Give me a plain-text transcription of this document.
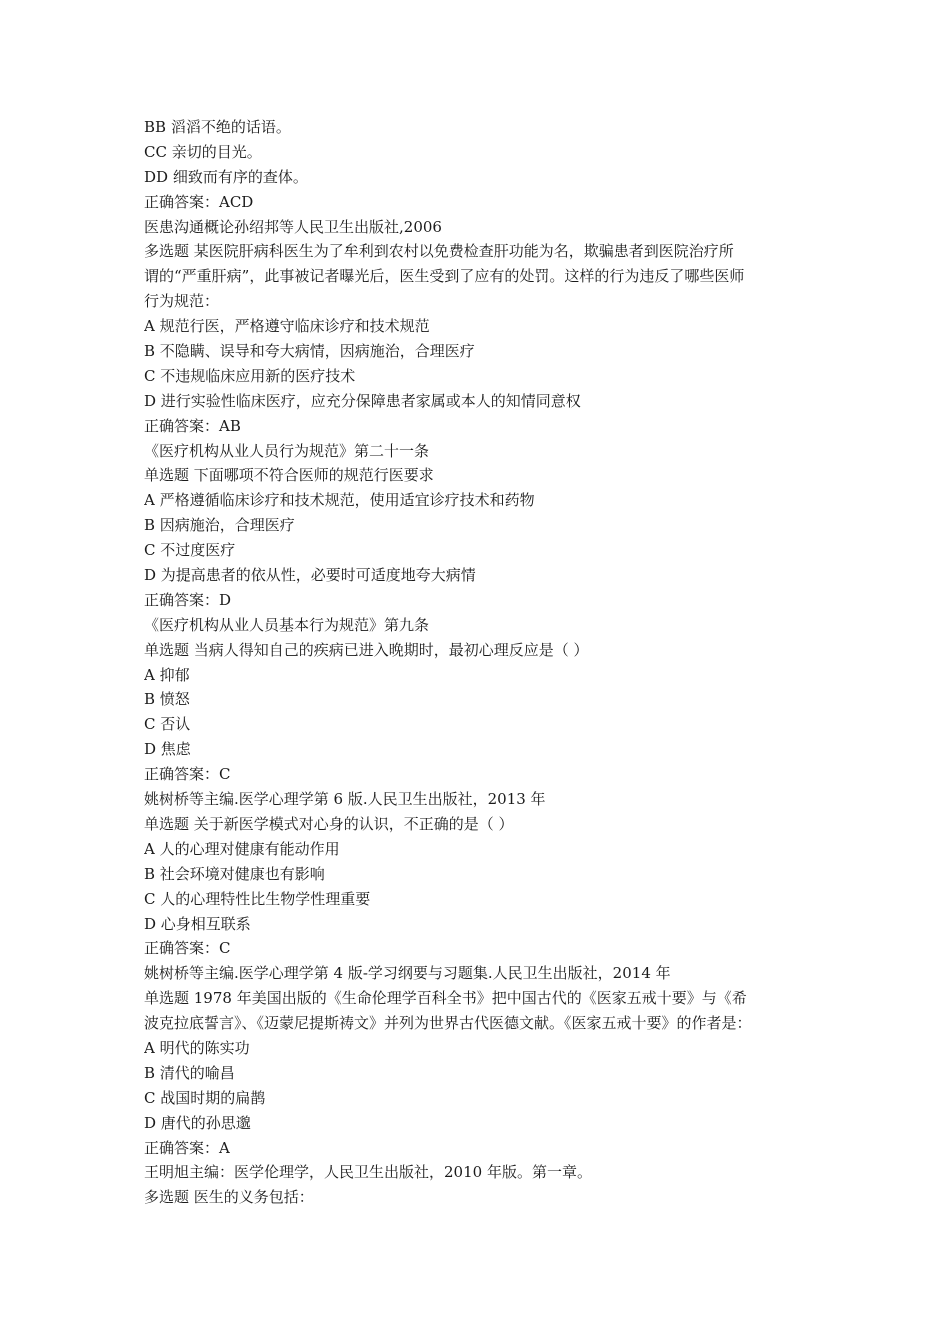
BB 滔滔不绝的话语。
CC 亲切的目光。
DD 细致而有序的查体。
正确答案：ACD
医患沟通概论孙绍邦等人民卫生出版社,2006
多选题 某医院肝病科医生为了牟利到农村以免费检查肝功能为名，欺骗患者到医院治疗所
谓的“严重肝病”，此事被记者曝光后，医生受到了应有的处罚。这样的行为违反了哪些医师
行为规范：
A 规范行医，严格遵守临床诊疗和技术规范
B 不隐瞒、误导和夸大病情，因病施治，合理医疗
C 不违规临床应用新的医疗技术
D 进行实验性临床医疗，应充分保障患者家属或本人的知情同意权
正确答案：AB
《医疗机构从业人员行为规范》第二十一条
单选题 下面哪项不符合医师的规范行医要求
A 严格遵循临床诊疗和技术规范，使用适宜诊疗技术和药物
B 因病施治，合理医疗
C 不过度医疗
D 为提高患者的依从性，必要时可适度地夸大病情
正确答案：D
《医疗机构从业人员基本行为规范》第九条
单选题 当病人得知自己的疾病已进入晚期时，最初心理反应是（ ）
A 抑郁
B 愤怒
C 否认
D 焦虑
正确答案：C
姚树桥等主编.医学心理学第 6 版.人民卫生出版社，2013 年
单选题 关于新医学模式对心身的认识，不正确的是（ ）
A 人的心理对健康有能动作用
B 社会环境对健康也有影响
C 人的心理特性比生物学性理重要
D 心身相互联系
正确答案：C
姚树桥等主编.医学心理学第 4 版-学习纲要与习题集.人民卫生出版社，2014 年
单选题 1978 年美国出版的《生命伦理学百科全书》把中国古代的《医家五戒十要》与《希
波克拉底誓言》、《迈蒙尼提斯祷文》并列为世界古代医德文献。《医家五戒十要》的作者是：
A 明代的陈实功
B 清代的喻昌
C 战国时期的扁鹊
D 唐代的孙思邈
正确答案：A
王明旭主编：医学伦理学，人民卫生出版社，2010 年版。第一章。
多选题 医生的义务包括：
